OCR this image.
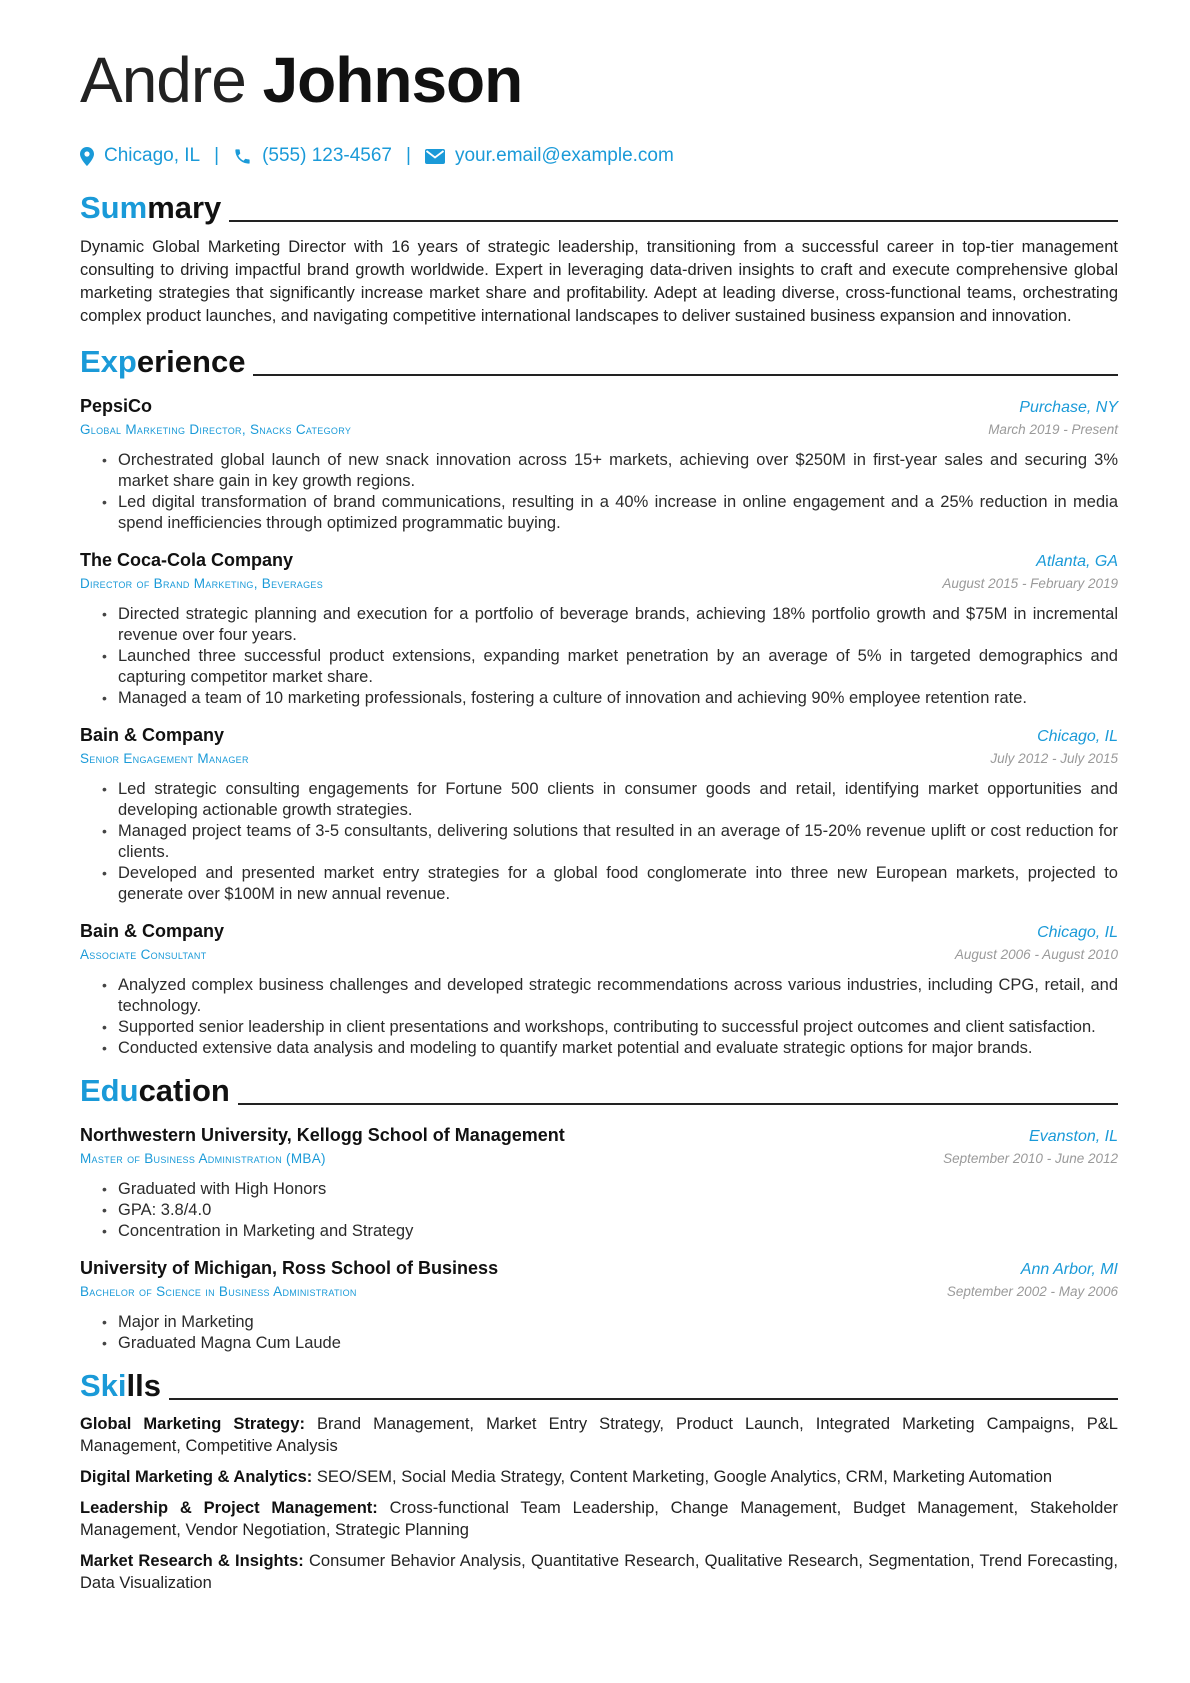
Andre Johnson
Chicago, IL | (555) 123-4567 | your.email@example.com
Summary

Dynamic Global Marketing Director with 16 years of strategic leadership, transitioning from a successful career in top-tier management consulting to driving impactful brand growth worldwide. Expert in leveraging data-driven insights to craft and execute comprehensive global marketing strategies that significantly increase market share and profitability. Adept at leading diverse, cross-functional teams, orchestrating complex product launches, and navigating competitive international landscapes to deliver sustained business expansion and innovation.

Experience
PepsiCo	Purchase, NY
Global Marketing Director, Snacks Category	March 2019 - Present
• Orchestrated global launch of new snack innovation across 15+ markets, achieving over $250M in first-year sales and securing 3% market share gain in key growth regions.
• Led digital transformation of brand communications, resulting in a 40% increase in online engagement and a 25% reduction in media spend inefficiencies through optimized programmatic buying.
The Coca-Cola Company	Atlanta, GA
Director of Brand Marketing, Beverages	August 2015 - February 2019
• Directed strategic planning and execution for a portfolio of beverage brands, achieving 18% portfolio growth and $75M in incremental revenue over four years.
• Launched three successful product extensions, expanding market penetration by an average of 5% in targeted demographics and capturing competitor market share.
• Managed a team of 10 marketing professionals, fostering a culture of innovation and achieving 90% employee retention rate.
Bain & Company	Chicago, IL
Senior Engagement Manager	July 2012 - July 2015
• Led strategic consulting engagements for Fortune 500 clients in consumer goods and retail, identifying market opportunities and developing actionable growth strategies.
• Managed project teams of 3-5 consultants, delivering solutions that resulted in an average of 15-20% revenue uplift or cost reduction for clients.
• Developed and presented market entry strategies for a global food conglomerate into three new European markets, projected to generate over $100M in new annual revenue.
Bain & Company	Chicago, IL
Associate Consultant	August 2006 - August 2010
• Analyzed complex business challenges and developed strategic recommendations across various industries, including CPG, retail, and technology.
• Supported senior leadership in client presentations and workshops, contributing to successful project outcomes and client satisfaction.
• Conducted extensive data analysis and modeling to quantify market potential and evaluate strategic options for major brands.
Education
Northwestern University, Kellogg School of Management	Evanston, IL
Master of Business Administration (MBA)	September 2010 - June 2012
• Graduated with High Honors
• GPA: 3.8/4.0
• Concentration in Marketing and Strategy
University of Michigan, Ross School of Business	Ann Arbor, MI
Bachelor of Science in Business Administration	September 2002 - May 2006
• Major in Marketing
• Graduated Magna Cum Laude
Skills
Global Marketing Strategy: Brand Management, Market Entry Strategy, Product Launch, Integrated Marketing Campaigns, P&L Management, Competitive Analysis
Digital Marketing & Analytics: SEO/SEM, Social Media Strategy, Content Marketing, Google Analytics, CRM, Marketing Automation
Leadership & Project Management: Cross-functional Team Leadership, Change Management, Budget Management, Stakeholder Management, Vendor Negotiation, Strategic Planning
Market Research & Insights: Consumer Behavior Analysis, Quantitative Research, Qualitative Research, Segmentation, Trend Forecasting, Data Visualization
